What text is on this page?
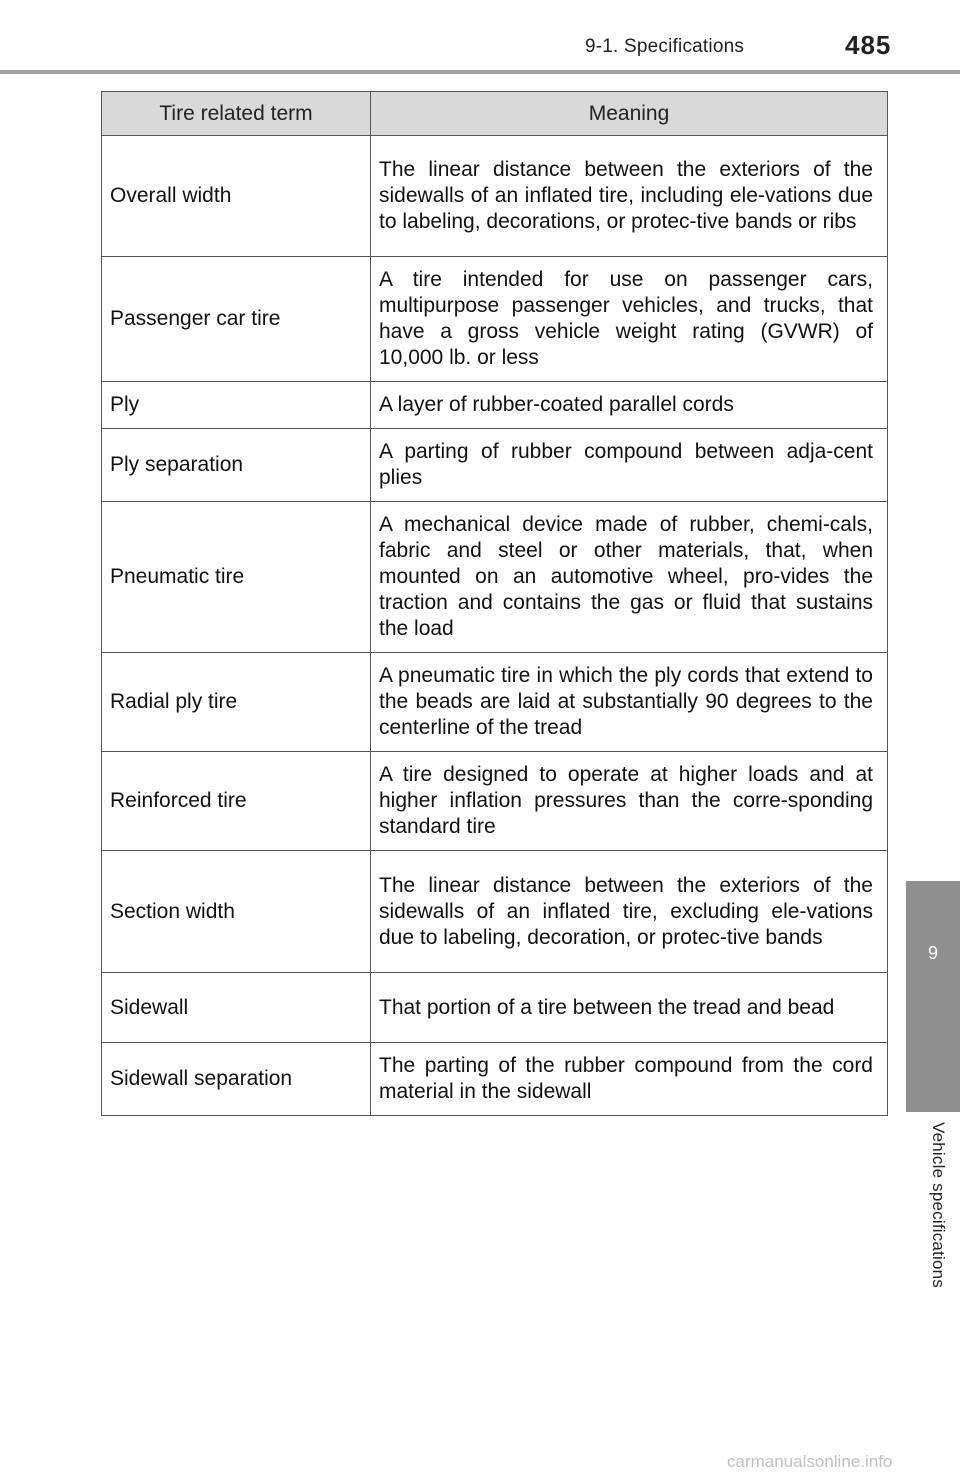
9-1. Specifications	485
9
Vehicle specifications
Tire related term	Meaning
Overall width	The linear distance between the exteriors of the sidewalls of an inflated tire, including ele-vations due to labeling, decorations, or protec-tive bands or ribs
Passenger car tire	A tire intended for use on passenger cars, multipurpose passenger vehicles, and trucks, that have a gross vehicle weight rating (GVWR) of 10,000 lb. or less
Ply	A layer of rubber-coated parallel cords
Ply separation	A parting of rubber compound between adja-cent plies
Pneumatic tire	A mechanical device made of rubber, chemi-cals, fabric and steel or other materials, that, when mounted on an automotive wheel, pro-vides the traction and contains the gas or fluid that sustains the load
Radial ply tire	A pneumatic tire in which the ply cords that extend to the beads are laid at substantially 90 degrees to the centerline of the tread
Reinforced tire	A tire designed to operate at higher loads and at higher inflation pressures than the corre-sponding standard tire
Section width	The linear distance between the exteriors of the sidewalls of an inflated tire, excluding ele-vations due to labeling, decoration, or protec-tive bands
Sidewall	That portion of a tire between the tread and bead
Sidewall separation	The parting of the rubber compound from the cord material in the sidewall
carmanualsonline.info
